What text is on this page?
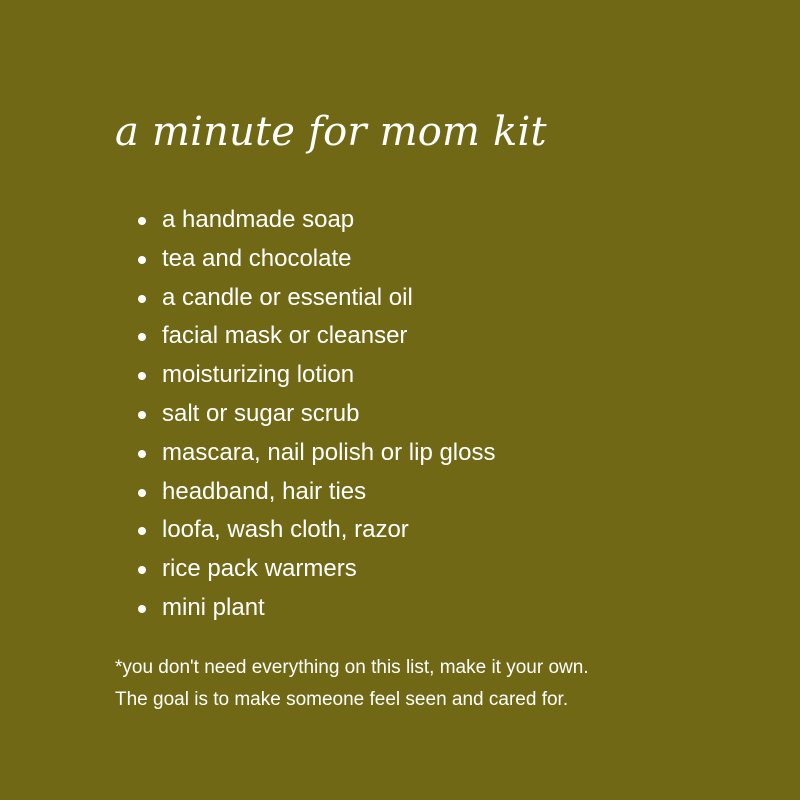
a minute for mom kit
a handmade soap
tea and chocolate
a candle or essential oil
facial mask or cleanser
moisturizing lotion
salt or sugar scrub
mascara, nail polish or lip gloss
headband, hair ties
loofa, wash cloth, razor
rice pack warmers
mini plant

*you don't need everything on this list, make it your own.
The goal is to make someone feel seen and cared for.
